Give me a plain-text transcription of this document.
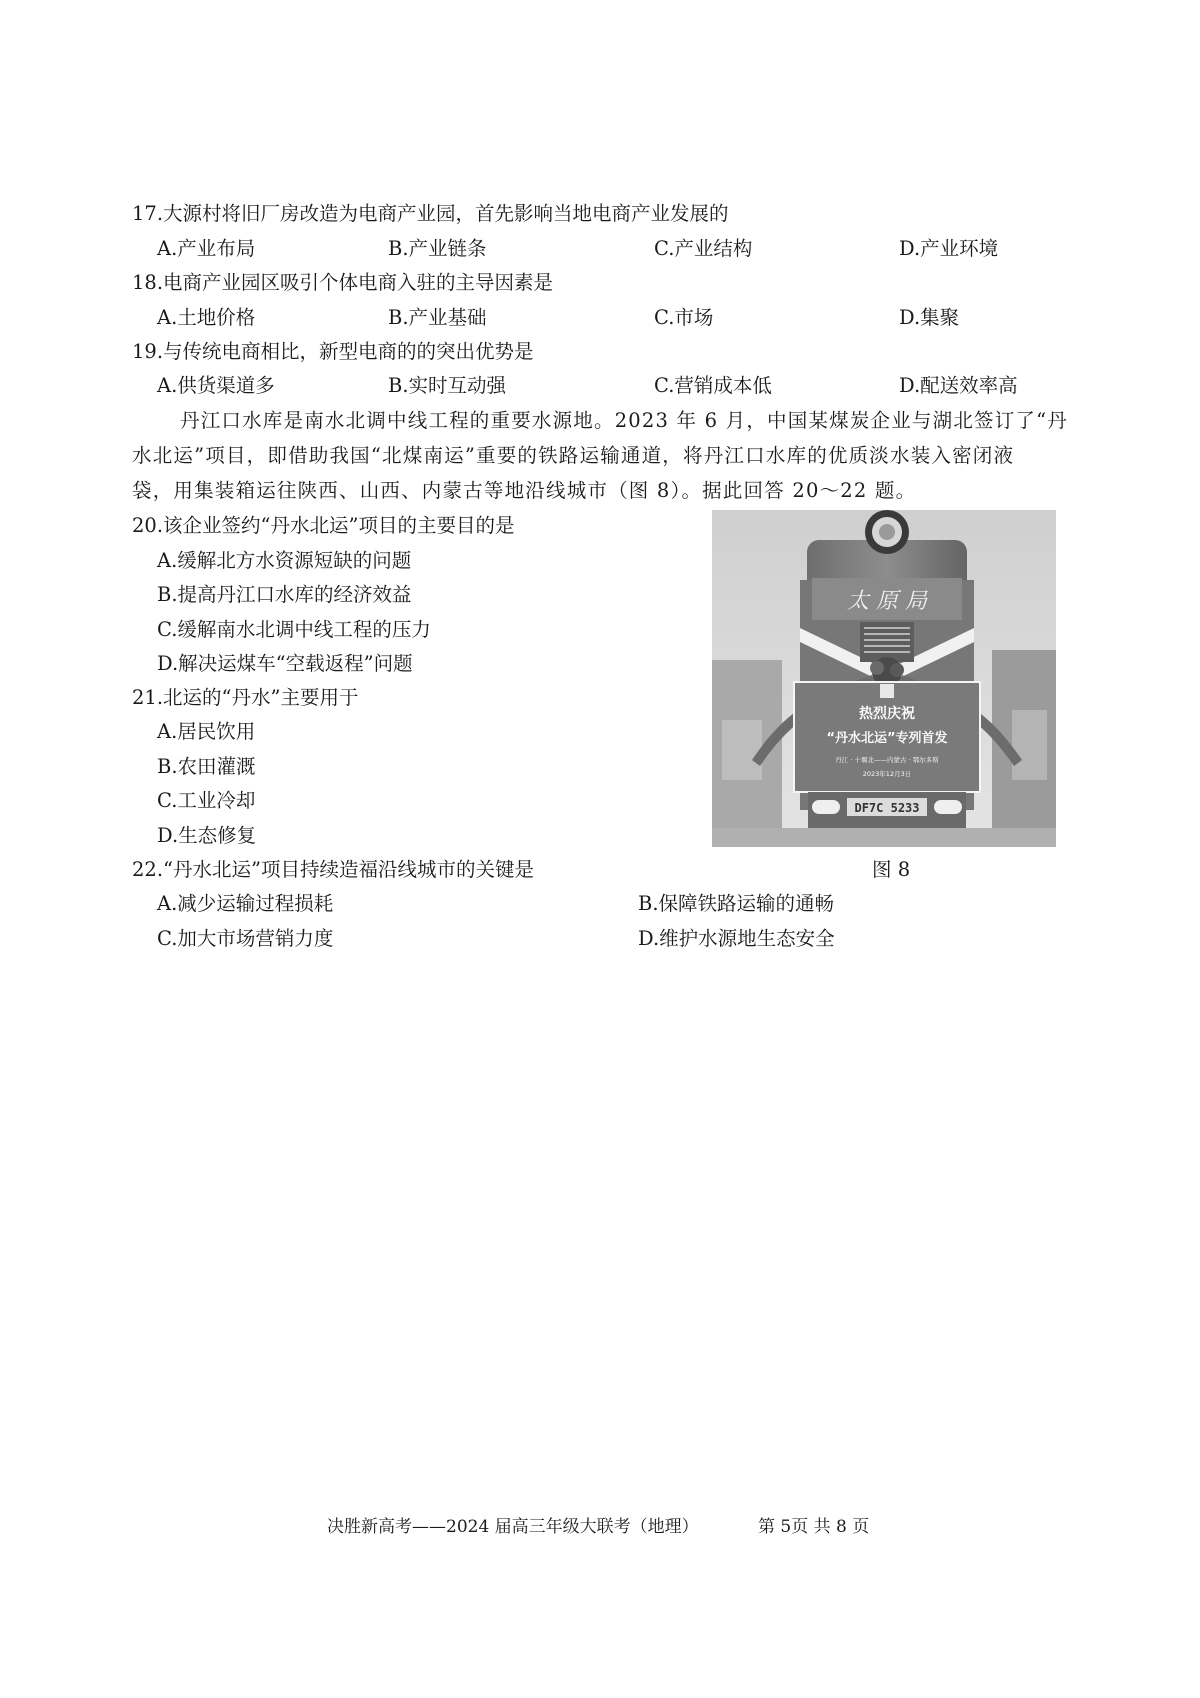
17.大源村将旧厂房改造为电商产业园，首先影响当地电商产业发展的
A.产业布局	B.产业链条	C.产业结构	D.产业环境
18.电商产业园区吸引个体电商入驻的主导因素是
A.土地价格	B.产业基础	C.市场	D.集聚
19.与传统电商相比，新型电商的的突出优势是
A.供货渠道多	B.实时互动强	C.营销成本低	D.配送效率高
丹江口水库是南水北调中线工程的重要水源地。2023 年 6 月，中国某煤炭企业与湖北签订了“丹
水北运”项目，即借助我国“北煤南运”重要的铁路运输通道，将丹江口水库的优质淡水装入密闭液
袋，用集装箱运往陕西、山西、内蒙古等地沿线城市（图 8）。据此回答 20～22 题。
20.该企业签约“丹水北运”项目的主要目的是
A.缓解北方水资源短缺的问题
B.提高丹江口水库的经济效益
C.缓解南水北调中线工程的压力
D.解决运煤车“空载返程”问题
21.北运的“丹水”主要用于
A.居民饮用
B.农田灌溉
C.工业冷却
D.生态修复
太 原 局
热烈庆祝
“丹水北运”专列首发
丹江 · 十堰北——内蒙古 · 鄂尔多斯
2023年12月3日
DF7C 5233
图 8
22.“丹水北运”项目持续造福沿线城市的关键是
A.减少运输过程损耗	B.保障铁路运输的通畅
C.加大市场营销力度	D.维护水源地生态安全
决胜新高考——2024 届高三年级大联考（地理）	第 5页 共 8 页
